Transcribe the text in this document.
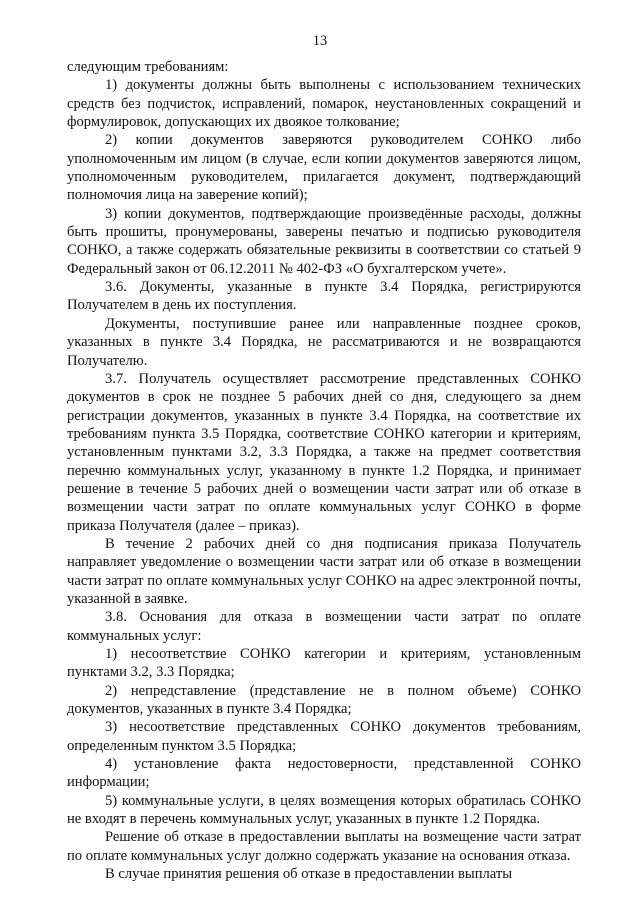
13

следующим требованиям:

1) документы должны быть выполнены с использованием технических средств без подчисток, исправлений, помарок, неустановленных сокращений и формулировок, допускающих их двоякое толкование;

2) копии документов заверяются руководителем СОНКО либо уполномоченным им лицом (в случае, если копии документов заверяются лицом, уполномоченным руководителем, прилагается документ, подтверждающий полномочия лица на заверение копий);

3) копии документов, подтверждающие произведённые расходы, должны быть прошиты, пронумерованы, заверены печатью и подписью руководителя СОНКО, а также содержать обязательные реквизиты в соответствии со статьей 9 Федеральный закон от 06.12.2011 № 402-ФЗ «О бухгалтерском учете».

3.6. Документы, указанные в пункте 3.4 Порядка, регистрируются Получателем в день их поступления.

Документы, поступившие ранее или направленные позднее сроков, указанных в пункте 3.4 Порядка, не рассматриваются и не возвращаются Получателю.

3.7. Получатель осуществляет рассмотрение представленных СОНКО документов в срок не позднее 5 рабочих дней со дня, следующего за днем регистрации документов, указанных в пункте 3.4 Порядка, на соответствие их требованиям пункта 3.5 Порядка, соответствие СОНКО категории и критериям, установленным пунктами 3.2, 3.3 Порядка, а также на предмет соответствия перечню коммунальных услуг, указанному в пункте 1.2 Порядка, и принимает решение в течение 5 рабочих дней о возмещении части затрат или об отказе в возмещении части затрат по оплате коммунальных услуг СОНКО в форме приказа Получателя (далее – приказ).

В течение 2 рабочих дней со дня подписания приказа Получатель направляет уведомление о возмещении части затрат или об отказе в возмещении части затрат по оплате коммунальных услуг СОНКО на адрес электронной почты, указанной в заявке.

3.8. Основания для отказа в возмещении части затрат по оплате коммунальных услуг:

1) несоответствие СОНКО категории и критериям, установленным пунктами 3.2, 3.3 Порядка;

2) непредставление (представление не в полном объеме) СОНКО документов, указанных в пункте 3.4 Порядка;

3) несоответствие представленных СОНКО документов требованиям, определенным пунктом 3.5 Порядка;

4) установление факта недостоверности, представленной СОНКО информации;

5) коммунальные услуги, в целях возмещения которых обратилась СОНКО не входят в перечень коммунальных услуг, указанных в пункте 1.2 Порядка.

Решение об отказе в предоставлении выплаты на возмещение части затрат по оплате коммунальных услуг должно содержать указание на основания отказа.

В случае принятия решения об отказе в предоставлении выплаты
